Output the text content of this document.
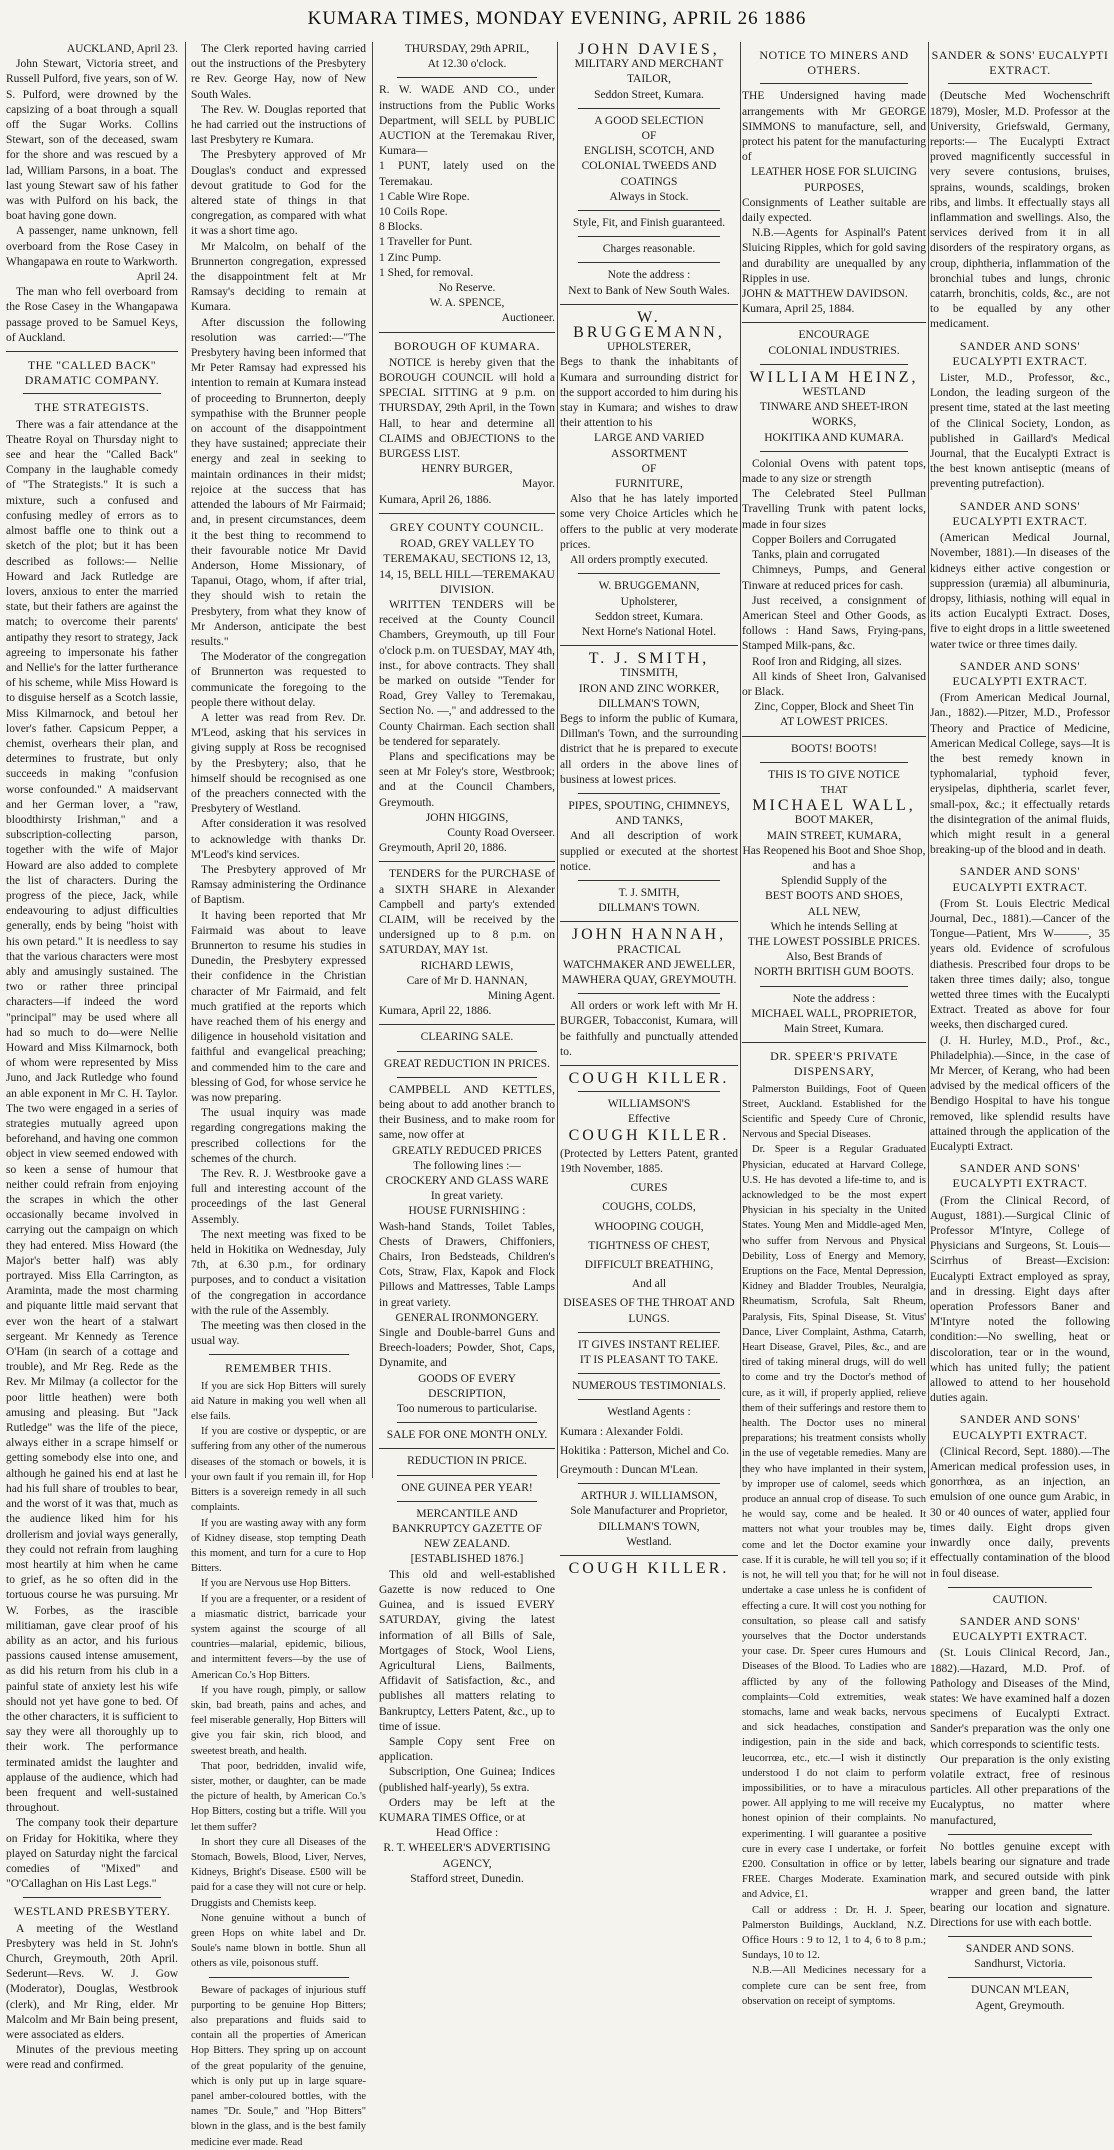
KUMARA TIMES, MONDAY EVENING, APRIL 26 1886

AUCKLAND, April 23.

John Stewart, Victoria street, and Russell Pulford, five years, son of W. S. Pulford, were drowned by the capsizing of a boat through a squall off the Sugar Works. Collins Stewart, son of the deceased, swam for the shore and was rescued by a lad, William Parsons, in a boat. The last young Stewart saw of his father was with Pulford on his back, the boat having gone down.

A passenger, name unknown, fell overboard from the Rose Casey in Whangapawa en route to Warkworth.

April 24.

The man who fell overboard from the Rose Casey in the Whangapawa passage proved to be Samuel Keys, of Auckland.

THE "CALLED BACK" DRAMATIC COMPANY.
THE STRATEGISTS.

There was a fair attendance at the Theatre Royal on Thursday night to see and hear the "Called Back" Company in the laughable comedy of "The Strategists." It is such a mixture, such a confused and confusing medley of errors as to almost baffle one to think out a sketch of the plot; but it has been described as follows:— Nellie Howard and Jack Rutledge are lovers, anxious to enter the married state, but their fathers are against the match; to overcome their parents' antipathy they resort to strategy, Jack agreeing to impersonate his father and Nellie's for the latter furtherance of his scheme, while Miss Howard is to disguise herself as a Scotch lassie, Miss Kilmarnock, and betoul her lover's father. Capsicum Pepper, a chemist, overhears their plan, and determines to frustrate, but only succeeds in making "confusion worse confounded." A maidservant and her German lover, a "raw, bloodthirsty Irishman," and a subscription-collecting parson, together with the wife of Major Howard are also added to complete the list of characters. During the progress of the piece, Jack, while endeavouring to adjust difficulties generally, ends by being "hoist with his own petard." It is needless to say that the various characters were most ably and amusingly sustained. The two or rather three principal characters—if indeed the word "principal" may be used where all had so much to do—were Nellie Howard and Miss Kilmarnock, both of whom were represented by Miss Juno, and Jack Rutledge who found an able exponent in Mr C. H. Taylor. The two were engaged in a series of strategies mutually agreed upon beforehand, and having one common object in view seemed endowed with so keen a sense of humour that neither could refrain from enjoying the scrapes in which the other occasionally became involved in carrying out the campaign on which they had entered. Miss Howard (the Major's better half) was ably portrayed. Miss Ella Carrington, as Araminta, made the most charming and piquante little maid servant that ever won the heart of a stalwart sergeant. Mr Kennedy as Terence O'Ham (in search of a cottage and trouble), and Mr Reg. Rede as the Rev. Mr Milmay (a collector for the poor little heathen) were both amusing and pleasing. But "Jack Rutledge" was the life of the piece, always either in a scrape himself or getting somebody else into one, and although he gained his end at last he had his full share of troubles to bear, and the worst of it was that, much as the audience liked him for his drollerism and jovial ways generally, they could not refrain from laughing most heartily at him when he came to grief, as he so often did in the tortuous course he was pursuing. Mr W. Forbes, as the irascible militiaman, gave clear proof of his ability as an actor, and his furious passions caused intense amusement, as did his return from his club in a painful state of anxiety lest his wife should not yet have gone to bed. Of the other characters, it is sufficient to say they were all thoroughly up to their work. The performance terminated amidst the laughter and applause of the audience, which had been frequent and well-sustained throughout.

The company took their departure on Friday for Hokitika, where they played on Saturday night the farcical comedies of "Mixed" and "O'Callaghan on His Last Legs."

WESTLAND PRESBYTERY.

A meeting of the Westland Presbytery was held in St. John's Church, Greymouth, 20th April. Sederunt—Revs. W. J. Gow (Moderator), Douglas, Westbrook (clerk), and Mr Ring, elder. Mr Malcolm and Mr Bain being present, were associated as elders.

Minutes of the previous meeting were read and confirmed.

The Clerk reported having carried out the instructions of the Presbytery re Rev. George Hay, now of New South Wales.

The Rev. W. Douglas reported that he had carried out the instructions of last Presbytery re Kumara.

The Presbytery approved of Mr Douglas's conduct and expressed devout gratitude to God for the altered state of things in that congregation, as compared with what it was a short time ago.

Mr Malcolm, on behalf of the Brunnerton congregation, expressed the disappointment felt at Mr Ramsay's deciding to remain at Kumara.

After discussion the following resolution was carried:—"The Presbytery having been informed that Mr Peter Ramsay had expressed his intention to remain at Kumara instead of proceeding to Brunnerton, deeply sympathise with the Brunner people on account of the disappointment they have sustained; appreciate their energy and zeal in seeking to maintain ordinances in their midst; rejoice at the success that has attended the labours of Mr Fairmaid; and, in present circumstances, deem it the best thing to recommend to their favourable notice Mr David Anderson, Home Missionary, of Tapanui, Otago, whom, if after trial, they should wish to retain the Presbytery, from what they know of Mr Anderson, anticipate the best results."

The Moderator of the congregation of Brunnerton was requested to communicate the foregoing to the people there without delay.

A letter was read from Rev. Dr. M'Leod, asking that his services in giving supply at Ross be recognised by the Presbytery; also, that he himself should be recognised as one of the preachers connected with the Presbytery of Westland.

After consideration it was resolved to acknowledge with thanks Dr. M'Leod's kind services.

The Presbytery approved of Mr Ramsay administering the Ordinance of Baptism.

It having been reported that Mr Fairmaid was about to leave Brunnerton to resume his studies in Dunedin, the Presbytery expressed their confidence in the Christian character of Mr Fairmaid, and felt much gratified at the reports which have reached them of his energy and diligence in household visitation and faithful and evangelical preaching; and commended him to the care and blessing of God, for whose service he was now preparing.

The usual inquiry was made regarding congregations making the prescribed collections for the schemes of the church.

The Rev. R. J. Westbrooke gave a full and interesting account of the proceedings of the last General Assembly.

The next meeting was fixed to be held in Hokitika on Wednesday, July 7th, at 6.30 p.m., for ordinary purposes, and to conduct a visitation of the congregation in accordance with the rule of the Assembly.

The meeting was then closed in the usual way.

REMEMBER THIS.

If you are sick Hop Bitters will surely aid Nature in making you well when all else fails.

If you are costive or dyspeptic, or are suffering from any other of the numerous diseases of the stomach or bowels, it is your own fault if you remain ill, for Hop Bitters is a sovereign remedy in all such complaints.

If you are wasting away with any form of Kidney disease, stop tempting Death this moment, and turn for a cure to Hop Bitters.

If you are Nervous use Hop Bitters.

If you are a frequenter, or a resident of a miasmatic district, barricade your system against the scourge of all countries—malarial, epidemic, bilious, and intermittent fevers—by the use of American Co.'s Hop Bitters.

If you have rough, pimply, or sallow skin, bad breath, pains and aches, and feel miserable generally, Hop Bitters will give you fair skin, rich blood, and sweetest breath, and health.

That poor, bedridden, invalid wife, sister, mother, or daughter, can be made the picture of health, by American Co.'s Hop Bitters, costing but a trifle. Will you let them suffer?

In short they cure all Diseases of the Stomach, Bowels, Blood, Liver, Nerves, Kidneys, Bright's Disease. £500 will be paid for a case they will not cure or help. Druggists and Chemists keep.

None genuine without a bunch of green Hops on white label and Dr. Soule's name blown in bottle. Shun all others as vile, poisonous stuff.

Beware of packages of injurious stuff purporting to be genuine Hop Bitters; also preparations and fluids said to contain all the properties of American Hop Bitters. They spring up on account of the great popularity of the genuine, which is only put up in large square-panel amber-coloured bottles, with the names "Dr. Soule," and "Hop Bitters" blown in the glass, and is the best family medicine ever made. Read

THURSDAY, 29th APRIL,

At 12.30 o'clock.

R. W. WADE AND CO., under instructions from the Public Works Department, will SELL by PUBLIC AUCTION at the Teremakau River, Kumara—

1 PUNT, lately used on the Teremakau.
1 Cable Wire Rope.
10 Coils Rope.
8 Blocks.
1 Traveller for Punt.
1 Zinc Pump.
1 Shed, for removal.

No Reserve.

W. A. SPENCE,

Auctioneer.

BOROUGH OF KUMARA.

NOTICE is hereby given that the BOROUGH COUNCIL will hold a SPECIAL SITTING at 9 p.m. on THURSDAY, 29th April, in the Town Hall, to hear and determine all CLAIMS and OBJECTIONS to the BURGESS LIST.

HENRY BURGER,

Mayor.

Kumara, April 26, 1886.

GREY COUNTY COUNCIL.

ROAD, GREY VALLEY TO TEREMAKAU, SECTIONS 12, 13, 14, 15, BELL HILL—TEREMAKAU DIVISION.

WRITTEN TENDERS will be received at the County Council Chambers, Greymouth, up till Four o'clock p.m. on TUESDAY, MAY 4th, inst., for above contracts. They shall be marked on outside "Tender for Road, Grey Valley to Teremakau, Section No. —," and addressed to the County Chairman. Each section shall be tendered for separately.

Plans and specifications may be seen at Mr Foley's store, Westbrook; and at the Council Chambers, Greymouth.

JOHN HIGGINS,

County Road Overseer.

Greymouth, April 20, 1886.

TENDERS for the PURCHASE of a SIXTH SHARE in Alexander Campbell and party's extended CLAIM, will be received by the undersigned up to 8 p.m. on SATURDAY, MAY 1st.

RICHARD LEWIS,

Care of Mr D. HANNAN,

Mining Agent.

Kumara, April 22, 1886.

CLEARING SALE.

GREAT REDUCTION IN PRICES.

CAMPBELL AND KETTLES, being about to add another branch to their Business, and to make room for same, now offer at

GREATLY REDUCED PRICES

The following lines :—

CROCKERY AND GLASS WARE

In great variety.

HOUSE FURNISHING :

Wash-hand Stands, Toilet Tables, Chests of Drawers, Chiffoniers, Chairs, Iron Bedsteads, Children's Cots, Straw, Flax, Kapok and Flock Pillows and Mattresses, Table Lamps in great variety.

GENERAL IRONMONGERY.

Single and Double-barrel Guns and Breech-loaders; Powder, Shot, Caps, Dynamite, and

GOODS OF EVERY DESCRIPTION,

Too numerous to particularise.

SALE FOR ONE MONTH ONLY.

REDUCTION IN PRICE.

ONE GUINEA PER YEAR!

MERCANTILE AND BANKRUPTCY GAZETTE OF NEW ZEALAND.

[ESTABLISHED 1876.]

This old and well-established Gazette is now reduced to One Guinea, and is issued EVERY SATURDAY, giving the latest information of all Bills of Sale, Mortgages of Stock, Wool Liens, Agricultural Liens, Bailments, Affidavit of Satisfaction, &c., and publishes all matters relating to Bankruptcy, Letters Patent, &c., up to time of issue.

Sample Copy sent Free on application.

Subscription, One Guinea; Indices (published half-yearly), 5s extra.

Orders may be left at the KUMARA TIMES Office, or at

Head Office :

R. T. WHEELER'S ADVERTISING AGENCY,

Stafford street, Dunedin.

JOHN DAVIES,

MILITARY AND MERCHANT

TAILOR,

Seddon Street, Kumara.

A GOOD SELECTION

OF

ENGLISH, SCOTCH, AND COLONIAL TWEEDS AND COATINGS

Always in Stock.

Style, Fit, and Finish guaranteed.

Charges reasonable.

Note the address :

Next to Bank of New South Wales.

W. BRUGGEMANN,

UPHOLSTERER,

Begs to thank the inhabitants of Kumara and surrounding district for the support accorded to him during his stay in Kumara; and wishes to draw their attention to his

LARGE AND VARIED ASSORTMENT

OF

FURNITURE,

Also that he has lately imported some very Choice Articles which he offers to the public at very moderate prices.

All orders promptly executed.

W. BRUGGEMANN,

Upholsterer,

Seddon street, Kumara.

Next Horne's National Hotel.

T. J. SMITH,

TINSMITH,

IRON AND ZINC WORKER,

DILLMAN'S TOWN,

Begs to inform the public of Kumara, Dillman's Town, and the surrounding district that he is prepared to execute all orders in the above lines of business at lowest prices.

PIPES, SPOUTING, CHIMNEYS, AND TANKS,

And all description of work supplied or executed at the shortest notice.

T. J. SMITH,

DILLMAN'S TOWN.

JOHN HANNAH,

PRACTICAL

WATCHMAKER AND JEWELLER,

MAWHERA QUAY, GREYMOUTH.

All orders or work left with Mr H. BURGER, Tobacconist, Kumara, will be faithfully and punctually attended to.

COUGH KILLER.

WILLIAMSON'S

Effective

COUGH KILLER.

(Protected by Letters Patent, granted 19th November, 1885.

CURES

COUGHS, COLDS,

WHOOPING COUGH,

TIGHTNESS OF CHEST,

DIFFICULT BREATHING,

And all

DISEASES OF THE THROAT AND LUNGS.

IT GIVES INSTANT RELIEF.

IT IS PLEASANT TO TAKE.

NUMEROUS TESTIMONIALS.

Westland Agents :

Kumara : Alexander Foldi.

Hokitika : Patterson, Michel and Co.

Greymouth : Duncan M'Lean.

ARTHUR J. WILLIAMSON,

Sole Manufacturer and Proprietor,

DILLMAN'S TOWN,

Westland.

COUGH KILLER.
NOTICE TO MINERS AND OTHERS.

THE Undersigned having made arrangements with Mr GEORGE SIMMONS to manufacture, sell, and protect his patent for the manufacturing of

LEATHER HOSE FOR SLUICING PURPOSES,

Consignments of Leather suitable are daily expected.

N.B.—Agents for Aspinall's Patent Sluicing Ripples, which for gold saving and durability are unequalled by any Ripples in use.

JOHN & MATTHEW DAVIDSON.

Kumara, April 25, 1884.

ENCOURAGE

COLONIAL INDUSTRIES.

WILLIAM HEINZ,

WESTLAND

TINWARE AND SHEET-IRON WORKS,

HOKITIKA AND KUMARA.

Colonial Ovens with patent tops, made to any size or strength

The Celebrated Steel Pullman Travelling Trunk with patent locks, made in four sizes

Copper Boilers and Corrugated

Tanks, plain and corrugated

Chimneys, Pumps, and General Tinware at reduced prices for cash.

Just received, a consignment of American Steel and Other Goods, as follows : Hand Saws, Frying-pans, Stamped Milk-pans, &c.

Roof Iron and Ridging, all sizes.

All kinds of Sheet Iron, Galvanised or Black.

Zinc, Copper, Block and Sheet Tin

AT LOWEST PRICES.

BOOTS! BOOTS!

THIS IS TO GIVE NOTICE

THAT

MICHAEL WALL,

BOOT MAKER,

MAIN STREET, KUMARA,

Has Reopened his Boot and Shoe Shop, and has a

Splendid Supply of the

BEST BOOTS AND SHOES,

ALL NEW,

Which he intends Selling at

THE LOWEST POSSIBLE PRICES.

Also, Best Brands of

NORTH BRITISH GUM BOOTS.

Note the address :

MICHAEL WALL, PROPRIETOR,

Main Street, Kumara.

DR. SPEER'S PRIVATE DISPENSARY,

Palmerston Buildings, Foot of Queen Street, Auckland. Established for the Scientific and Speedy Cure of Chronic, Nervous and Special Diseases.

Dr. Speer is a Regular Graduated Physician, educated at Harvard College, U.S. He has devoted a life-time to, and is acknowledged to be the most expert Physician in his specialty in the United States. Young Men and Middle-aged Men, who suffer from Nervous and Physical Debility, Loss of Energy and Memory, Eruptions on the Face, Mental Depression, Kidney and Bladder Troubles, Neuralgia, Rheumatism, Scrofula, Salt Rheum, Paralysis, Fits, Spinal Disease, St. Vitus' Dance, Liver Complaint, Asthma, Catarrh, Heart Disease, Gravel, Piles, &c., and are tired of taking mineral drugs, will do well to come and try the Doctor's method of cure, as it will, if properly applied, relieve them of their sufferings and restore them to health. The Doctor uses no mineral preparations; his treatment consists wholly in the use of vegetable remedies. Many are they who have implanted in their system, by improper use of calomel, seeds which produce an annual crop of disease. To such he would say, come and be healed. It matters not what your troubles may be, come and let the Doctor examine your case. If it is curable, he will tell you so; if it is not, he will tell you that; for he will not undertake a case unless he is confident of effecting a cure. It will cost you nothing for consultation, so please call and satisfy yourselves that the Doctor understands your case. Dr. Speer cures Humours and Diseases of the Blood. To Ladies who are afflicted by any of the following complaints—Cold extremities, weak stomachs, lame and weak backs, nervous and sick headaches, constipation and indigestion, pain in the side and back, leucorrœa, etc., etc.—I wish it distinctly understood I do not claim to perform impossibilities, or to have a miraculous power. All applying to me will receive my honest opinion of their complaints. No experimenting. I will guarantee a positive cure in every case I undertake, or forfeit £200. Consultation in office or by letter, FREE. Charges Moderate. Examination and Advice, £1.

Call or address : Dr. H. J. Speer, Palmerston Buildings, Auckland, N.Z. Office Hours : 9 to 12, 1 to 4, 6 to 8 p.m.; Sundays, 10 to 12.

N.B.—All Medicines necessary for a complete cure can be sent free, from observation on receipt of symptoms.

SANDER & SONS' EUCALYPTI EXTRACT.

(Deutsche Med Wochenschrift 1879), Mosler, M.D. Professor at the University, Griefswald, Germany, reports:— The Eucalypti Extract proved magnificently successful in very severe contusions, bruises, sprains, wounds, scaldings, broken ribs, and limbs. It effectually stays all inflammation and swellings. Also, the services derived from it in all disorders of the respiratory organs, as croup, diphtheria, inflammation of the bronchial tubes and lungs, chronic catarrh, bronchitis, colds, &c., are not to be equalled by any other medicament.

SANDER AND SONS' EUCALYPTI EXTRACT.

Lister, M.D., Professor, &c., London, the leading surgeon of the present time, stated at the last meeting of the Clinical Society, London, as published in Gaillard's Medical Journal, that the Eucalypti Extract is the best known antiseptic (means of preventing putrefaction).

SANDER AND SONS' EUCALYPTI EXTRACT.

(American Medical Journal, November, 1881).—In diseases of the kidneys either active congestion or suppression (uræmia) all albuminuria, dropsy, lithiasis, nothing will equal in its action Eucalypti Extract. Doses, five to eight drops in a little sweetened water twice or three times daily.

SANDER AND SONS' EUCALYPTI EXTRACT.

(From American Medical Journal, Jan., 1882).—Pitzer, M.D., Professor Theory and Practice of Medicine, American Medical College, says—It is the best remedy known in typhomalarial, typhoid fever, erysipelas, diphtheria, scarlet fever, small-pox, &c.; it effectually retards the disintegration of the animal fluids, which might result in a general breaking-up of the blood and in death.

SANDER AND SONS' EUCALYPTI EXTRACT.

(From St. Louis Electric Medical Journal, Dec., 1881).—Cancer of the Tongue—Patient, Mrs W———, 35 years old. Evidence of scrofulous diathesis. Prescribed four drops to be taken three times daily; also, tongue wetted three times with the Eucalypti Extract. Treated as above for four weeks, then discharged cured.

(J. H. Hurley, M.D., Prof., &c., Philadelphia).—Since, in the case of Mr Mercer, of Kerang, who had been advised by the medical officers of the Bendigo Hospital to have his tongue removed, like splendid results have attained through the application of the Eucalypti Extract.

SANDER AND SONS' EUCALYPTI EXTRACT.

(From the Clinical Record, of August, 1881).—Surgical Clinic of Professor M'Intyre, College of Physicians and Surgeons, St. Louis—Scirrhus of Breast—Excision: Eucalypti Extract employed as spray, and in dressing. Eight days after operation Professors Baner and M'Intyre noted the following condition:—No swelling, heat or discoloration, tear or in the wound, which has united fully; the patient allowed to attend to her household duties again.

SANDER AND SONS' EUCALYPTI EXTRACT.

(Clinical Record, Sept. 1880).—The American medical profession uses, in gonorrhœa, as an injection, an emulsion of one ounce gum Arabic, in 30 or 40 ounces of water, applied four times daily. Eight drops given inwardly once daily, prevents effectually contamination of the blood in foul disease.

CAUTION.

SANDER AND SONS' EUCALYPTI EXTRACT.

(St. Louis Clinical Record, Jan., 1882).—Hazard, M.D. Prof. of Pathology and Diseases of the Mind, states: We have examined half a dozen specimens of Eucalypti Extract. Sander's preparation was the only one which corresponds to scientific tests.

Our preparation is the only existing volatile extract, free of resinous particles. All other preparations of the Eucalyptus, no matter where manufactured,

No bottles genuine except with labels bearing our signature and trade mark, and secured outside with pink wrapper and green band, the latter bearing our location and signature. Directions for use with each bottle.

SANDER AND SONS.

Sandhurst, Victoria.

DUNCAN M'LEAN,

Agent, Greymouth.
